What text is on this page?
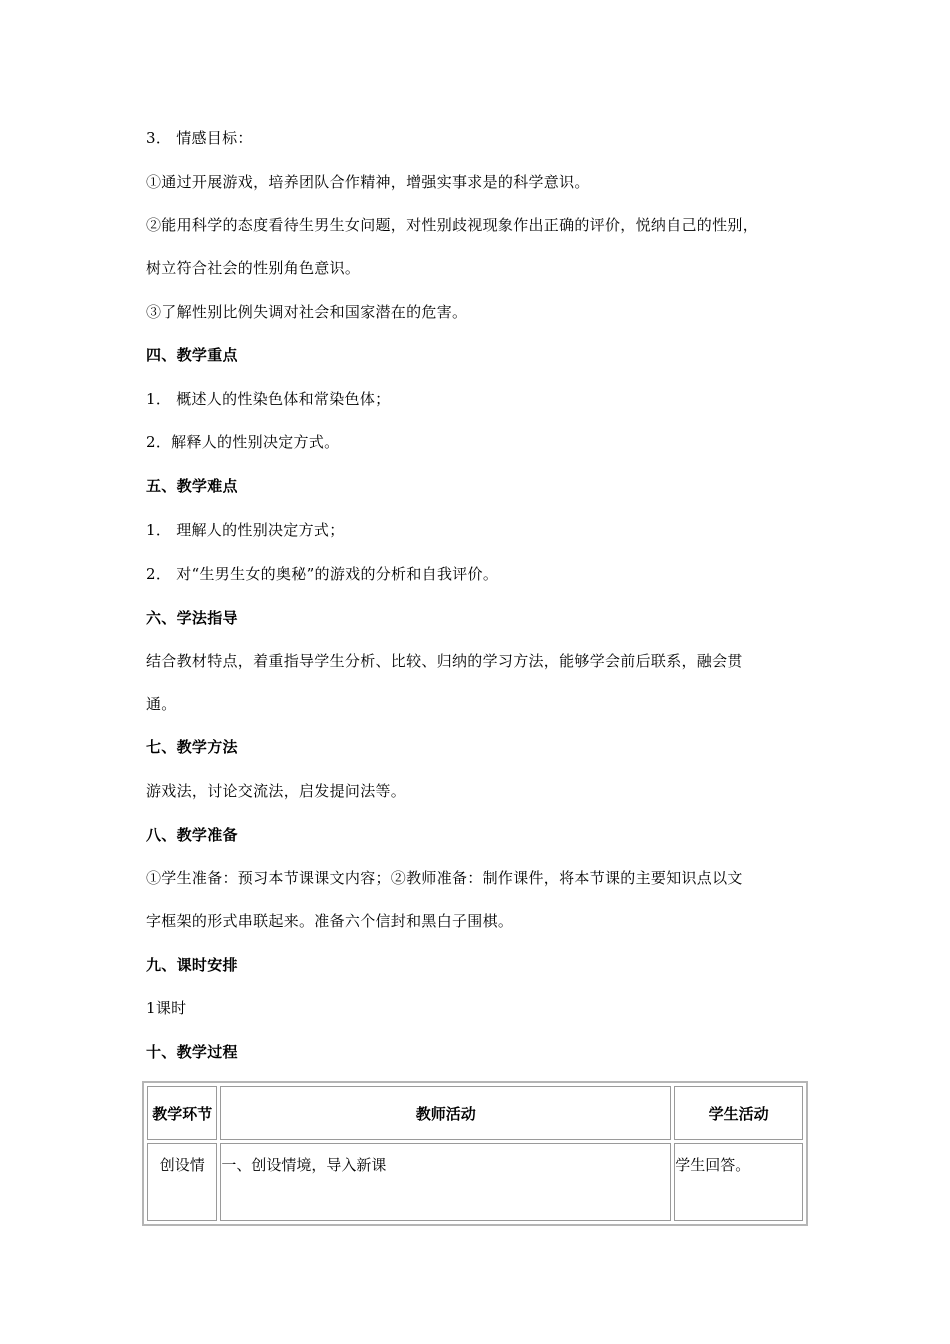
3． 情感目标：
①通过开展游戏，培养团队合作精神，增强实事求是的科学意识。
②能用科学的态度看待生男生女问题，对性别歧视现象作出正确的评价，悦纳自己的性别，
树立符合社会的性别角色意识。
③了解性别比例失调对社会和国家潜在的危害。
四、教学重点
1． 概述人的性染色体和常染色体；
2．解释人的性别决定方式。
五、教学难点
1． 理解人的性别决定方式；
2． 对“生男生女的奥秘”的游戏的分析和自我评价。
六、学法指导
结合教材特点，着重指导学生分析、比较、归纳的学习方法，能够学会前后联系，融会贯
通。
七、教学方法
游戏法，讨论交流法，启发提问法等。
八、教学准备
①学生准备：预习本节课课文内容；②教师准备：制作课件，将本节课的主要知识点以文
字框架的形式串联起来。准备六个信封和黑白子围棋。
九、课时安排
1课时
十、教学过程
教学环节	教师活动	学生活动
创设情	一、创设情境，导入新课	学生回答。
